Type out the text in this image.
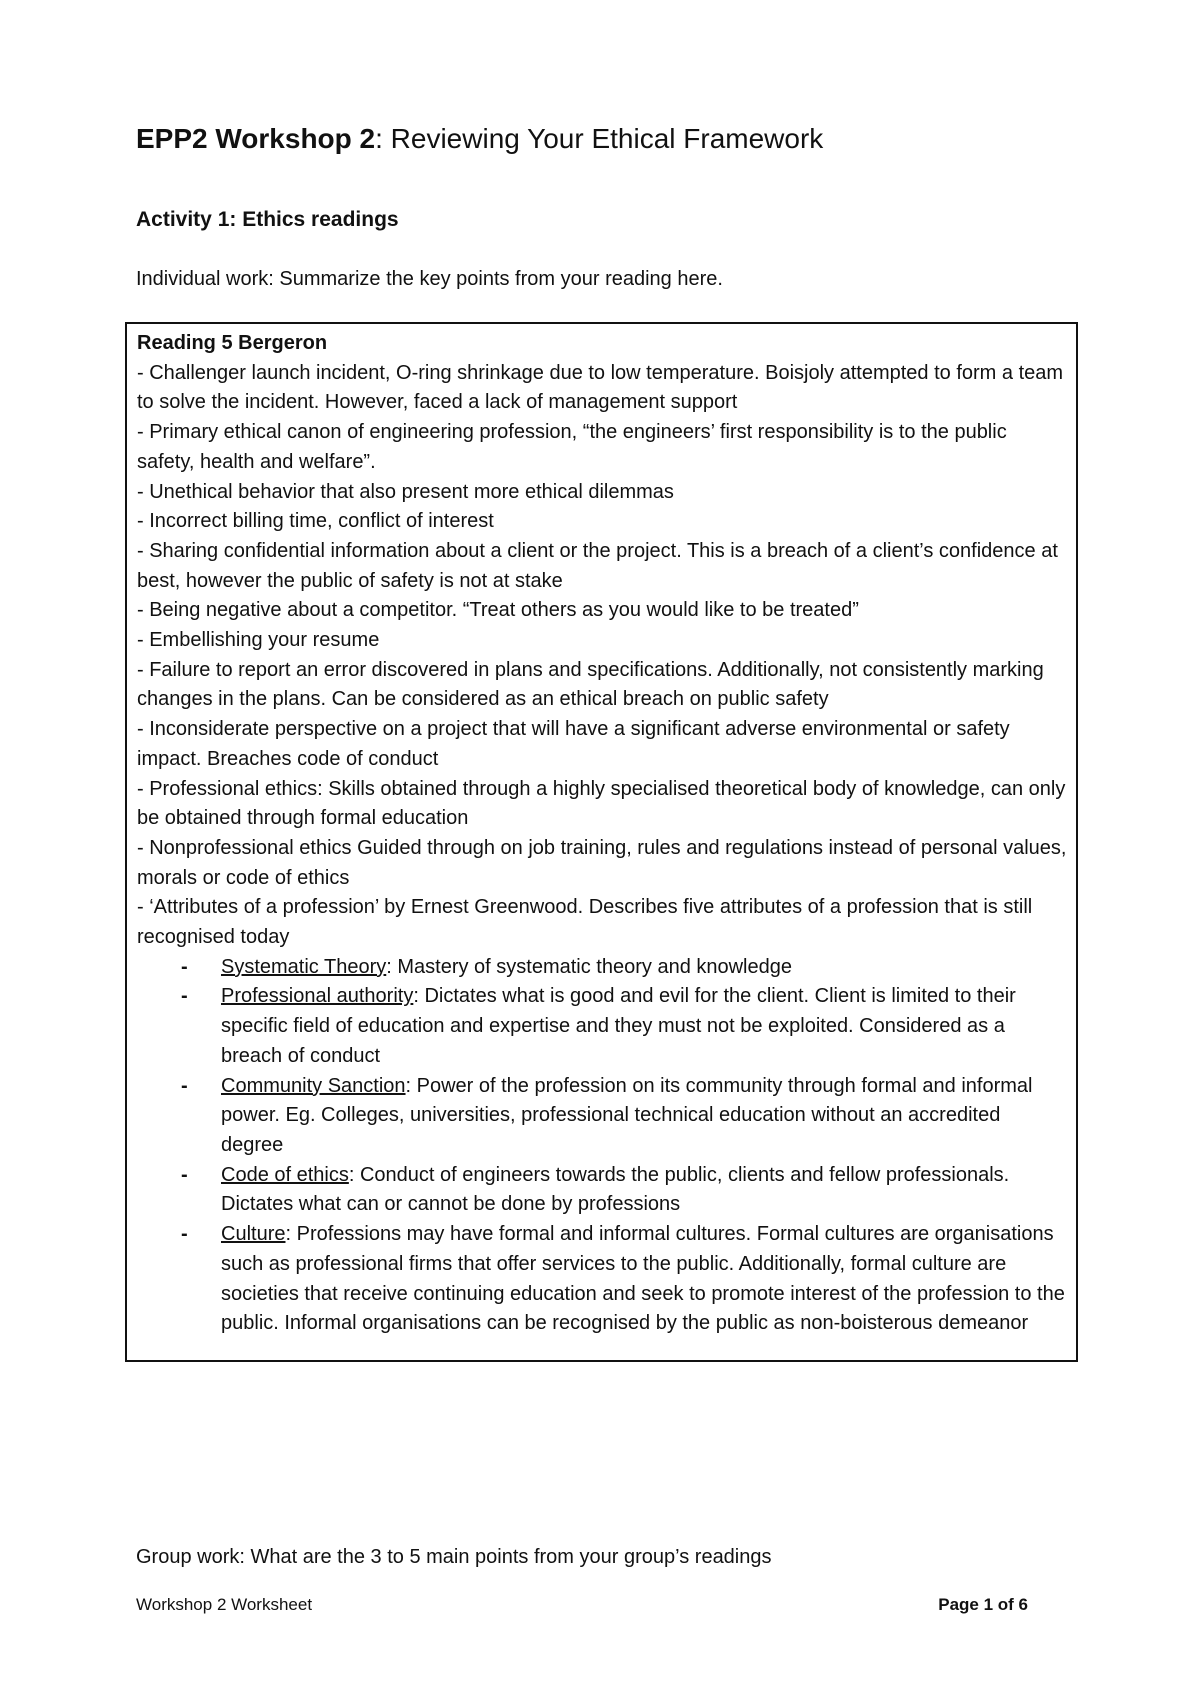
EPP2 Workshop 2: Reviewing Your Ethical Framework
Activity 1: Ethics readings
Individual work: Summarize the key points from your reading here.

Reading 5 Bergeron

- Challenger launch incident, O-ring shrinkage due to low temperature. Boisjoly attempted to form a team to solve the incident. However, faced a lack of management support

- Primary ethical canon of engineering profession, “the engineers’ first responsibility is to the public safety, health and welfare”.

- Unethical behavior that also present more ethical dilemmas

- Incorrect billing time, conflict of interest

- Sharing confidential information about a client or the project. This is a breach of a client’s confidence at best, however the public of safety is not at stake

- Being negative about a competitor. “Treat others as you would like to be treated”

- Embellishing your resume

- Failure to report an error discovered in plans and specifications. Additionally, not consistently marking changes in the plans. Can be considered as an ethical breach on public safety

- Inconsiderate perspective on a project that will have a significant adverse environmental or safety impact. Breaches code of conduct

- Professional ethics: Skills obtained through a highly specialised theoretical body of knowledge, can only be obtained through formal education

- Nonprofessional ethics Guided through on job training, rules and regulations instead of personal values, morals or code of ethics

- ‘Attributes of a profession’ by Ernest Greenwood. Describes five attributes of a profession that is still recognised today

- Systematic Theory: Mastery of systematic theory and knowledge

- Professional authority: Dictates what is good and evil for the client. Client is limited to their specific field of education and expertise and they must not be exploited. Considered as a breach of conduct

- Community Sanction: Power of the profession on its community through formal and informal power. Eg. Colleges, universities, professional technical education without an accredited degree

- Code of ethics: Conduct of engineers towards the public, clients and fellow professionals. Dictates what can or cannot be done by professions

- Culture: Professions may have formal and informal cultures. Formal cultures are organisations such as professional firms that offer services to the public. Additionally, formal culture are societies that receive continuing education and seek to promote interest of the profession to the public. Informal organisations can be recognised by the public as non-boisterous demeanor

Group work: What are the 3 to 5 main points from your group’s readings
Workshop 2 Worksheet	Page 1 of 6
